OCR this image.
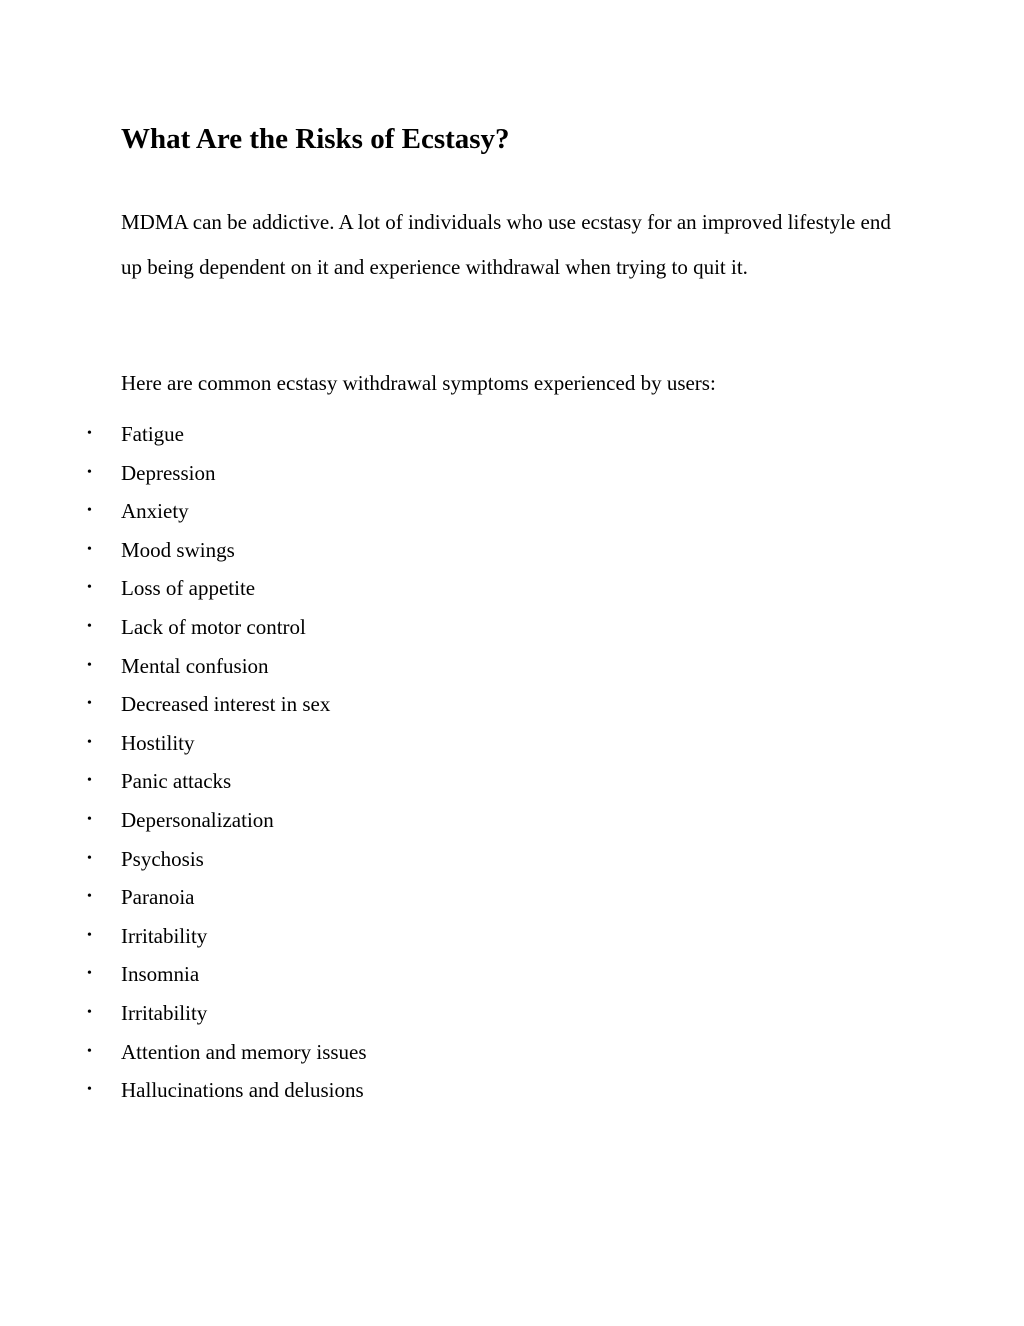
What Are the Risks of Ecstasy?

MDMA can be addictive. A lot of individuals who use ecstasy for an improved lifestyle end up being dependent on it and experience withdrawal when trying to quit it.

Here are common ecstasy withdrawal symptoms experienced by users:

• Fatigue
• Depression
• Anxiety
• Mood swings
• Loss of appetite
• Lack of motor control
• Mental confusion
• Decreased interest in sex
• Hostility
• Panic attacks
• Depersonalization
• Psychosis
• Paranoia
• Irritability
• Insomnia
• Irritability
• Attention and memory issues
• Hallucinations and delusions
